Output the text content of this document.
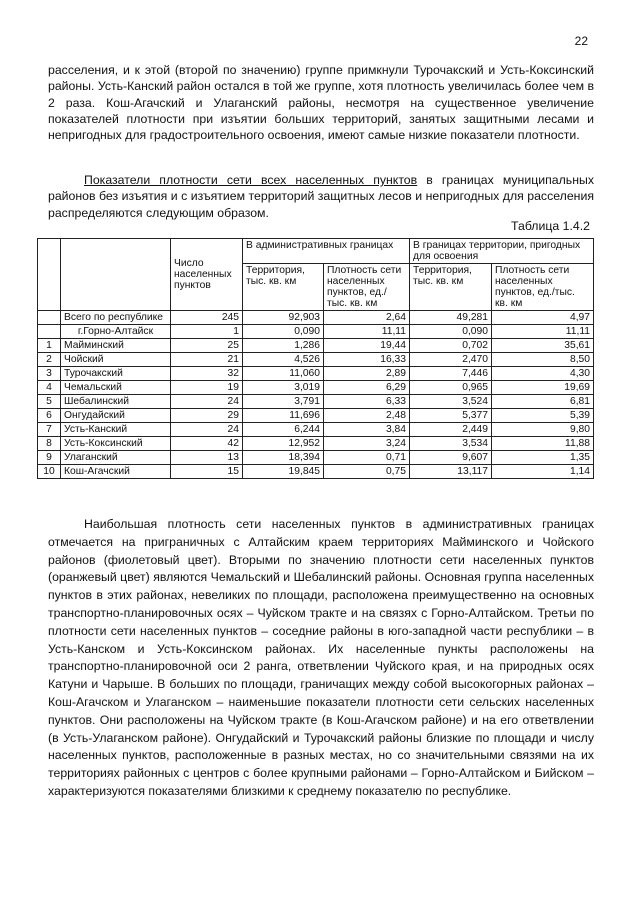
22
расселения, и к этой (второй по значению) группе примкнули Турочакский и Усть-Коксинский районы. Усть-Канский район остался в той же группе, хотя плотность увеличилась более чем в 2 раза. Кош-Агачский и Улаганский районы, несмотря на существенное увеличение показателей плотности при изъятии больших территорий, занятых защитными лесами и непригодных для градостроительного освоения, имеют самые низкие показатели плотности.
Показатели плотности сети всех населенных пунктов в границах муниципальных районов без изъятия и с изъятием территорий защитных лесов и непригодных для расселения распределяются следующим образом.
Таблица 1.4.2
		Число населенных пунктов	В административных границах		В границах территории, пригодных для освоения	
			Территория, тыс. кв. км	Плотность сети населенных пунктов, ед./тыс. кв. км	Территория, тыс. кв. км	Плотность сети населенных пунктов, ед./тыс. кв. км
	Всего по республике	245	92,903	2,64	49,281	4,97
	г.Горно-Алтайск	1	0,090	11,11	0,090	11,11
1	Майминский	25	1,286	19,44	0,702	35,61
2	Чойский	21	4,526	16,33	2,470	8,50
3	Турочакский	32	11,060	2,89	7,446	4,30
4	Чемальский	19	3,019	6,29	0,965	19,69
5	Шебалинский	24	3,791	6,33	3,524	6,81
6	Онгудайский	29	11,696	2,48	5,377	5,39
7	Усть-Канский	24	6,244	3,84	2,449	9,80
8	Усть-Коксинский	42	12,952	3,24	3,534	11,88
9	Улаганский	13	18,394	0,71	9,607	1,35
10	Кош-Агачский	15	19,845	0,75	13,117	1,14
Наибольшая плотность сети населенных пунктов в административных границах отмечается на приграничных с Алтайским краем территориях Майминского и Чойского районов (фиолетовый цвет). Вторыми по значению плотности сети населенных пунктов (оранжевый цвет) являются Чемальский и Шебалинский районы. Основная группа населенных пунктов в этих районах, невеликих по площади, расположена преимущественно на основных транспортно-планировочных осях – Чуйском тракте и на связях с Горно-Алтайском. Третьи по плотности сети населенных пунктов – соседние районы в юго-западной части республики – в Усть-Канском и Усть-Коксинском районах. Их населенные пункты расположены на транспортно-планировочной оси 2 ранга, ответвлении Чуйского края, и на природных осях Катуни и Чарыше. В больших по площади, граничащих между собой высокогорных районах – Кош-Агачском и Улаганском – наименьшие показатели плотности сети сельских населенных пунктов. Они расположены на Чуйском тракте (в Кош-Агачском районе) и на его ответвлении (в Усть-Улаганском районе). Онгудайский и Турочакский районы близкие по площади и числу населенных пунктов, расположенные в разных местах, но со значительными связями на их территориях районных с центров с более крупными районами – Горно-Алтайском и Бийском – характеризуются показателями близкими к среднему показателю по республике.
